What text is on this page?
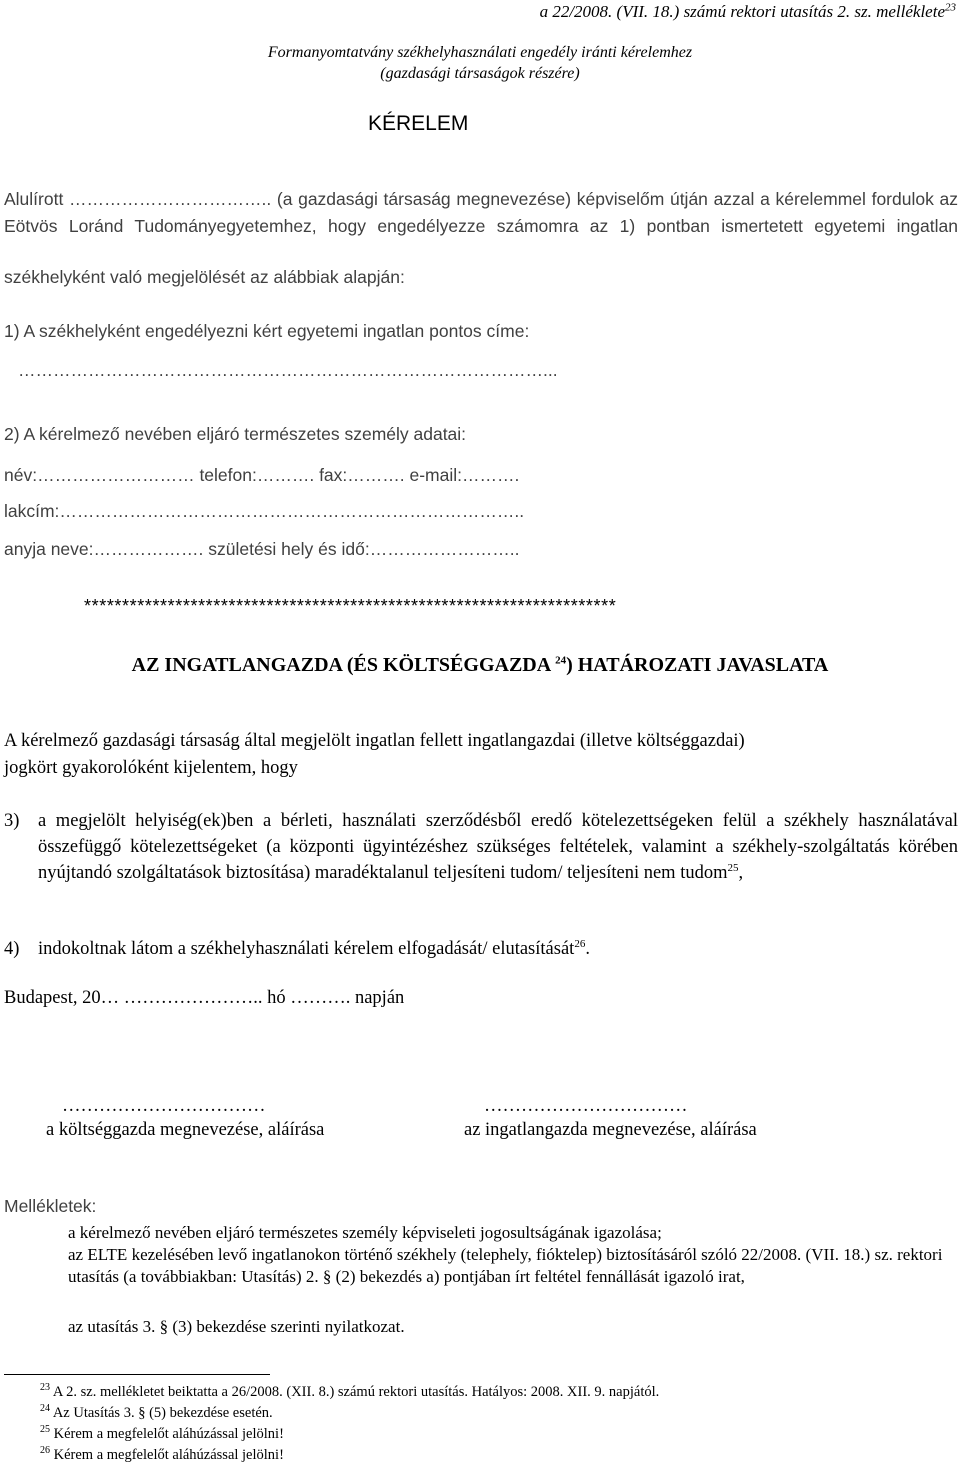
a 22/2008. (VII. 18.) számú rektori utasítás 2. sz. melléklete$^{23}$
Formanyomtatvány székhelyhasználati engedély iránti kérelemhez
(gazdasági társaságok részére)
KÉRELEM
Alulírott …………………………….. (a gazdasági társaság megnevezése) képviselőm útján azzal a kérelemmel fordulok az Eötvös Loránd Tudományegyetemhez, hogy engedélyezze számomra az 1) pontban ismertetett egyetemi ingatlan
székhelyként való megjelölését az alábbiak alapján:
1) A székhelyként engedélyezni kért egyetemi ingatlan pontos címe:
………………………………………………………………………………...
2) A kérelmező nevében eljáró természetes személy adatai:
név:……………………… telefon:………. fax:………. e-mail:……….
lakcím:……………………………………………………………………..
anyja neve:………………. születési hely és idő:……………………..
**********************************************************************
AZ INGATLANGAZDA (ÉS KÖLTSÉGGAZDA $^{24}$) HATÁROZATI JAVASLATA
A kérelmező gazdasági társaság által megjelölt ingatlan fellett ingatlangazdai (illetve költséggazdai)
jogkört gyakorolóként kijelentem, hogy
3) a megjelölt helyiség(ek)ben a bérleti, használati szerződésből eredő kötelezettségeken felül a székhely használatával összefüggő kötelezettségeket (a központi ügyintézéshez szükséges feltételek, valamint a székhely-szolgáltatás körében nyújtandó szolgáltatások biztosítása) maradéktalanul teljesíteni tudom/ teljesíteni nem tudom$^{25}$,
4) indokoltnak látom a székhelyhasználati kérelem elfogadását/ elutasítását$^{26}$.
Budapest, 20… ………………….. hó ………. napján
……………………………
a költséggazda megnevezése, aláírása
……………………………
az ingatlangazda megnevezése, aláírása
Mellékletek:
a kérelmező nevében eljáró természetes személy képviseleti jogosultságának igazolása;
az ELTE kezelésében levő ingatlanokon történő székhely (telephely, fióktelep) biztosításáról szóló 22/2008. (VII. 18.) sz. rektori utasítás (a továbbiakban: Utasítás) 2. § (2) bekezdés a) pontjában írt feltétel fennállását igazoló irat,
az utasítás 3. § (3) bekezdése szerinti nyilatkozat.
$^{23}$ A 2. sz. mellékletet beiktatta a 26/2008. (XII. 8.) számú rektori utasítás. Hatályos: 2008. XII. 9. napjától.
$^{24}$ Az Utasítás 3. § (5) bekezdése esetén.
$^{25}$ Kérem a megfelelőt aláhúzással jelölni!
$^{26}$ Kérem a megfelelőt aláhúzással jelölni!
